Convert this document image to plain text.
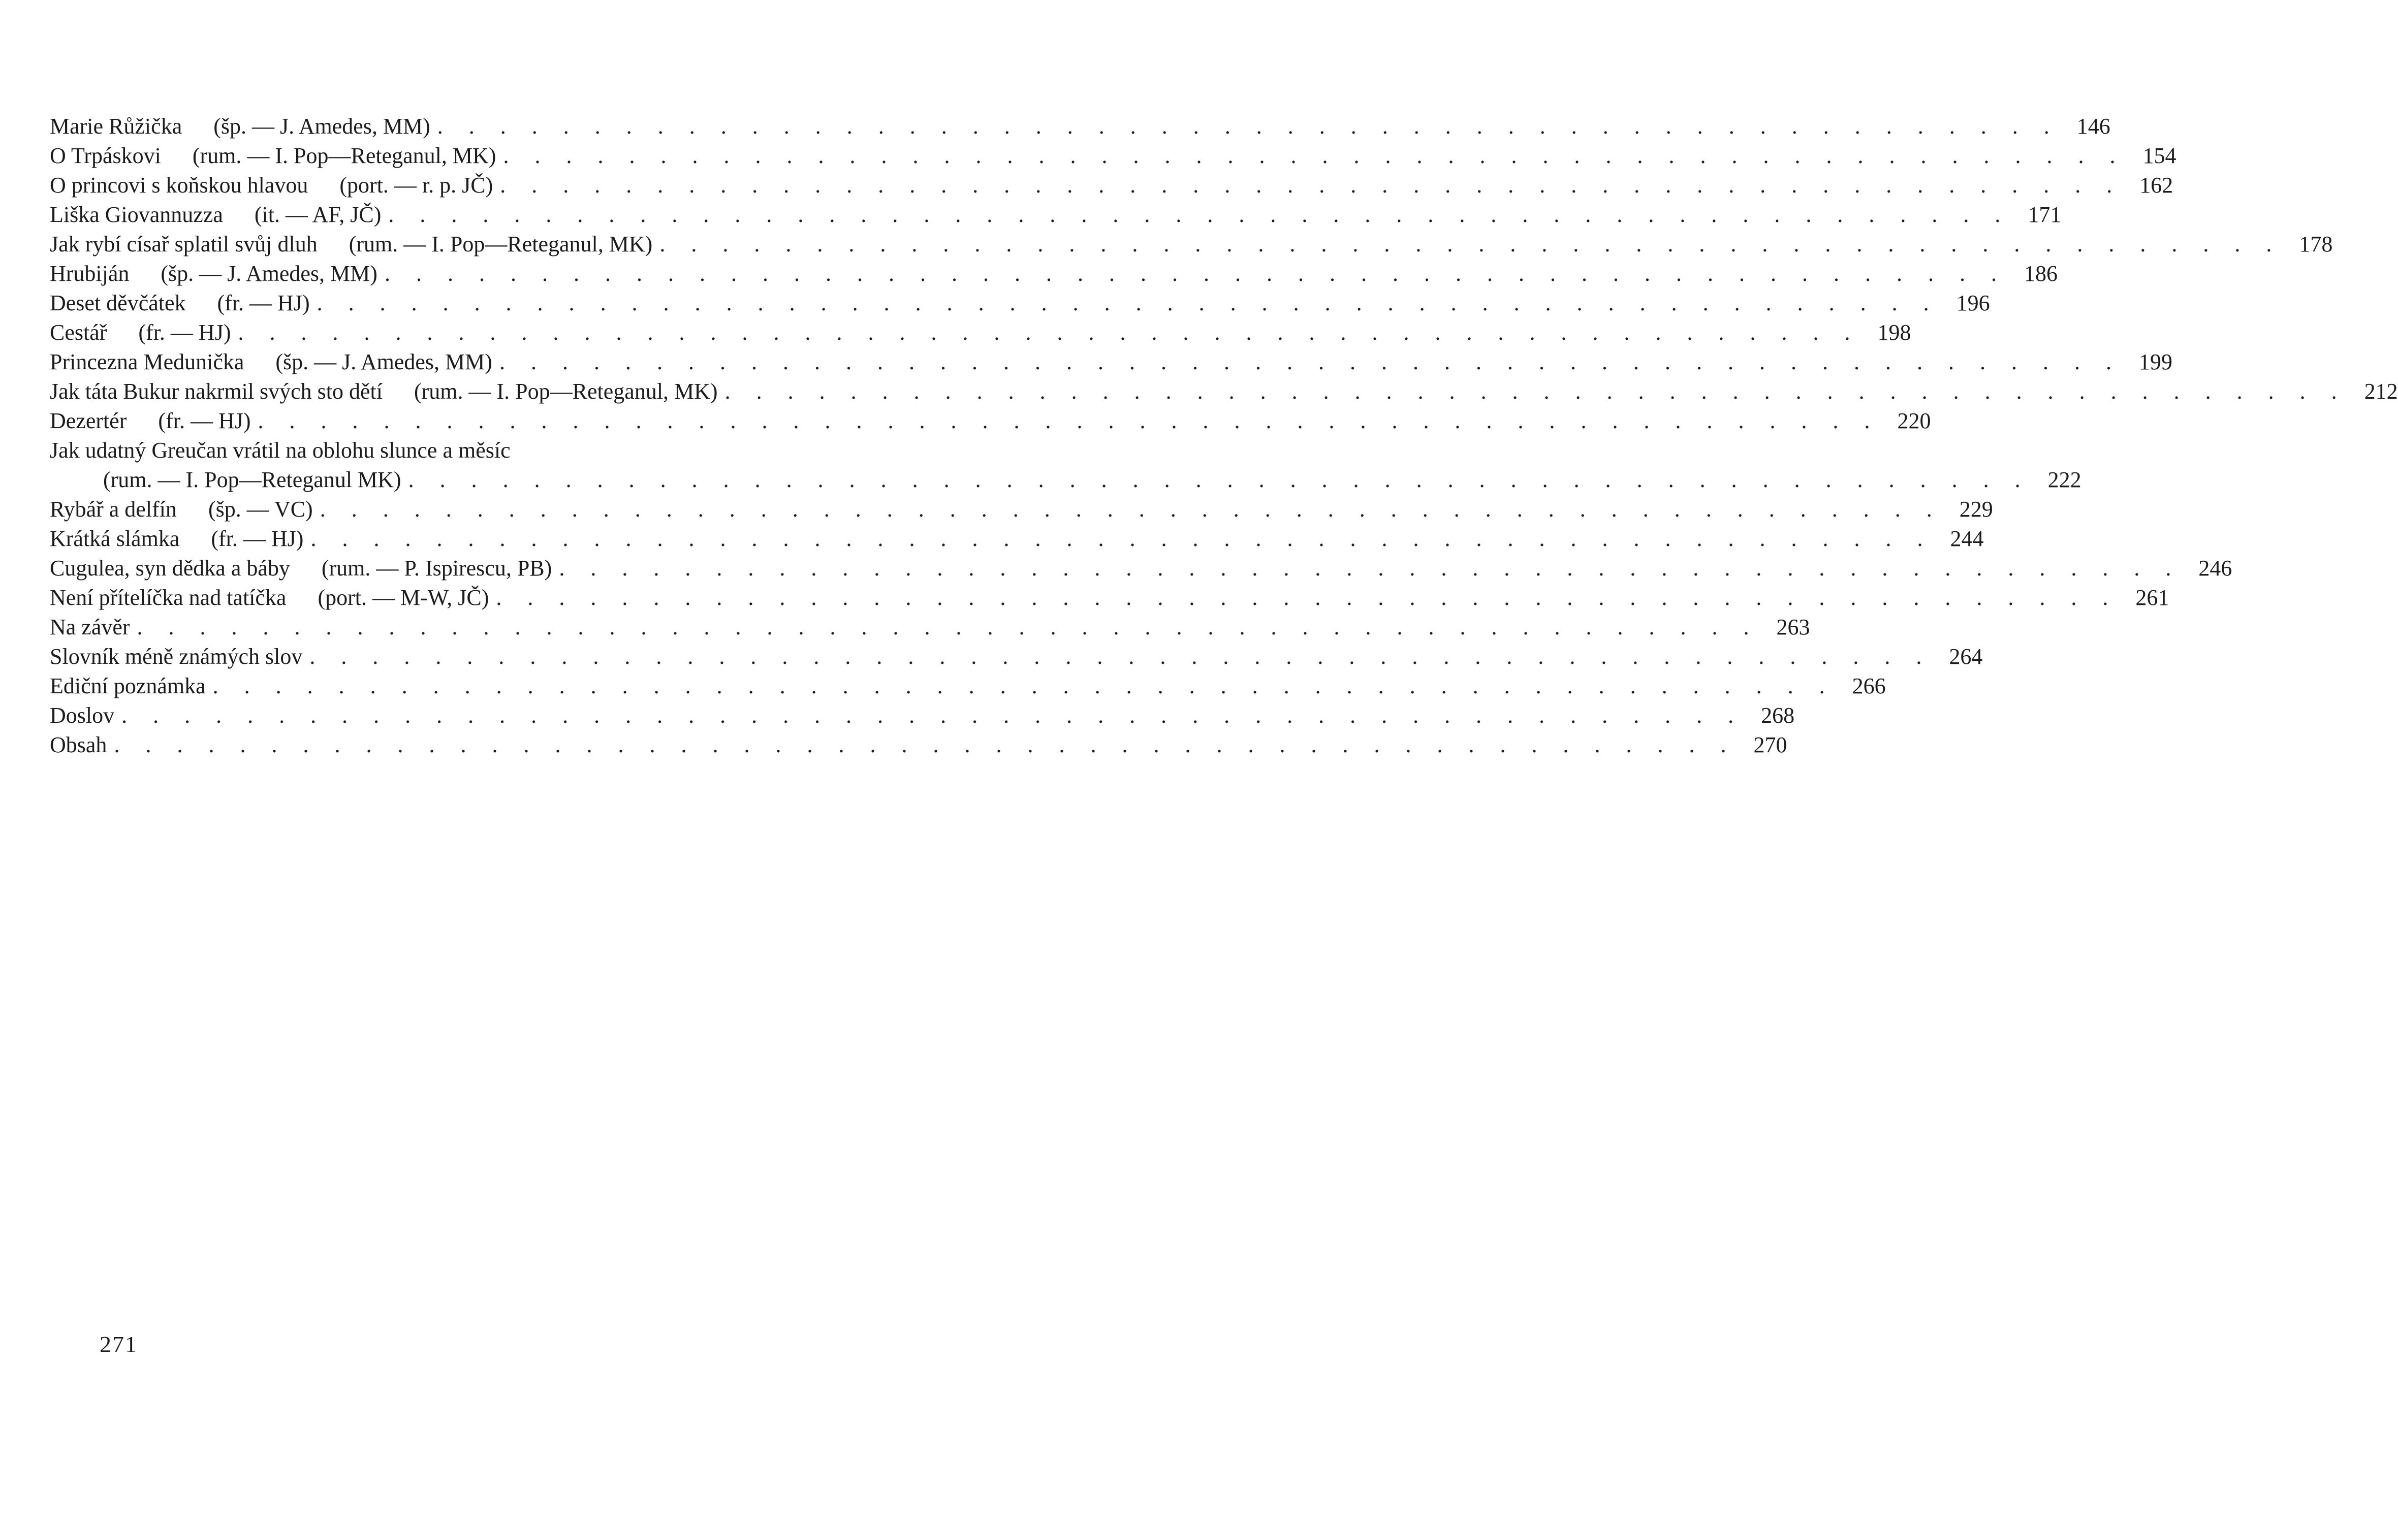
Marie Růžička (šp. — J. Amedes, MM) . . . . . . . . . . . . . . . . . . . . . . . . . . . . . . . . . . . . . . . . . . . . . . . . . . . . 146
O Trpáskovi (rum. — I. Pop—Reteganul, MK) . . . . . . . . . . . . . . . . . . . . . . . . . . . . . . . . . . . . . . . . . . . . . . . . . . . . 154
O princovi s koňskou hlavou (port. — r. p. JČ) . . . . . . . . . . . . . . . . . . . . . . . . . . . . . . . . . . . . . . . . . . . . . . . . . . . . 162
Liška Giovannuzza (it. — AF, JČ) . . . . . . . . . . . . . . . . . . . . . . . . . . . . . . . . . . . . . . . . . . . . . . . . . . . . 171
Jak rybí císař splatil svůj dluh (rum. — I. Pop—Reteganul, MK) . . . . . . . . . . . . . . . . . . . . . . . . . . . . . . . . . . . . . . . . . . . . . . . . . . . . 178
Hrubiján (šp. — J. Amedes, MM) . . . . . . . . . . . . . . . . . . . . . . . . . . . . . . . . . . . . . . . . . . . . . . . . . . . . 186
Deset děvčátek (fr. — HJ) . . . . . . . . . . . . . . . . . . . . . . . . . . . . . . . . . . . . . . . . . . . . . . . . . . . . 196
Cestář (fr. — HJ) . . . . . . . . . . . . . . . . . . . . . . . . . . . . . . . . . . . . . . . . . . . . . . . . . . . . 198
Princezna Medunička (šp. — J. Amedes, MM) . . . . . . . . . . . . . . . . . . . . . . . . . . . . . . . . . . . . . . . . . . . . . . . . . . . . 199
Jak táta Bukur nakrmil svých sto dětí (rum. — I. Pop—Reteganul, MK) . . . . . . . . . . . . . . . . . . . . . . . . . . . . . . . . . . . . . . . . . . . . . . . . . . . . 212
Dezertér (fr. — HJ) . . . . . . . . . . . . . . . . . . . . . . . . . . . . . . . . . . . . . . . . . . . . . . . . . . . . 220
Jak udatný Greučan vrátil na oblohu slunce a měsíc
(rum. — I. Pop—Reteganul MK) . . . . . . . . . . . . . . . . . . . . . . . . . . . . . . . . . . . . . . . . . . . . . . . . . . . . 222
Rybář a delfín (šp. — VC) . . . . . . . . . . . . . . . . . . . . . . . . . . . . . . . . . . . . . . . . . . . . . . . . . . . . 229
Krátká slámka (fr. — HJ) . . . . . . . . . . . . . . . . . . . . . . . . . . . . . . . . . . . . . . . . . . . . . . . . . . . . 244
Cugulea, syn dědka a báby (rum. — P. Ispirescu, PB) . . . . . . . . . . . . . . . . . . . . . . . . . . . . . . . . . . . . . . . . . . . . . . . . . . . . 246
Není přítelíčka nad tatíčka (port. — M-W, JČ) . . . . . . . . . . . . . . . . . . . . . . . . . . . . . . . . . . . . . . . . . . . . . . . . . . . . 261
Na závěr . . . . . . . . . . . . . . . . . . . . . . . . . . . . . . . . . . . . . . . . . . . . . . . . . . . . 263
Slovník méně známých slov . . . . . . . . . . . . . . . . . . . . . . . . . . . . . . . . . . . . . . . . . . . . . . . . . . . . 264
Ediční poznámka . . . . . . . . . . . . . . . . . . . . . . . . . . . . . . . . . . . . . . . . . . . . . . . . . . . . 266
Doslov . . . . . . . . . . . . . . . . . . . . . . . . . . . . . . . . . . . . . . . . . . . . . . . . . . . . 268
Obsah . . . . . . . . . . . . . . . . . . . . . . . . . . . . . . . . . . . . . . . . . . . . . . . . . . . . 270
271
